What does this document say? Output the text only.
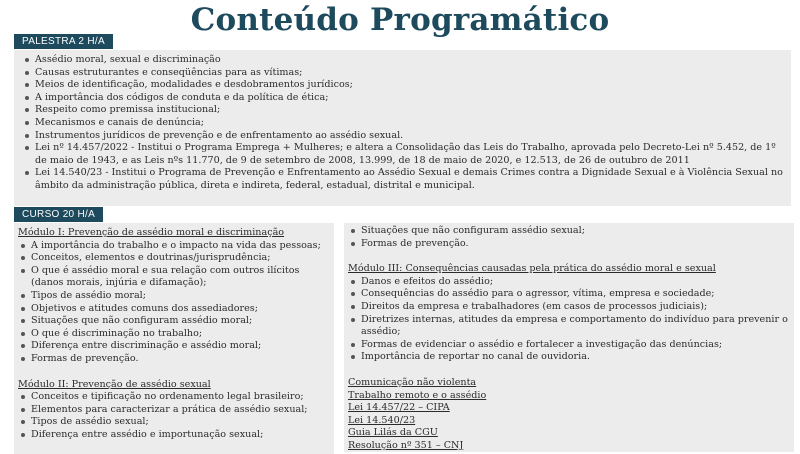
Conteúdo Programático
PALESTRA 2 H/A
Assédio moral, sexual e discriminação
Causas estruturantes e conseqüências para as vítimas;
Meios de identificação, modalidades e desdobramentos jurídicos;
A importância dos códigos de conduta e da política de ética;
Respeito como premissa institucional;
Mecanismos e canais de denúncia;
Instrumentos jurídicos de prevenção e de enfrentamento ao assédio sexual.
Lei nº 14.457/2022 - Institui o Programa Emprega + Mulheres; e altera a Consolidação das Leis do Trabalho, aprovada pelo Decreto-Lei nº 5.452, de 1º de maio de 1943, e as Leis nºs 11.770, de 9 de setembro de 2008, 13.999, de 18 de maio de 2020, e 12.513, de 26 de outubro de 2011
Lei 14.540/23 - Institui o Programa de Prevenção e Enfrentamento ao Assédio Sexual e demais Crimes contra a Dignidade Sexual e à Violência Sexual no âmbito da administração pública, direta e indireta, federal, estadual, distrital e municipal.
CURSO 20 H/A
Módulo I: Prevenção de assédio moral e discriminação
A importância do trabalho e o impacto na vida das pessoas;
Conceitos, elementos e doutrinas/jurisprudência;
O que é assédio moral e sua relação com outros ilícitos (danos morais, injúria e difamação);
Tipos de assédio moral;
Objetivos e atitudes comuns dos assediadores;
Situações que não configuram assédio moral;
O que é discriminação no trabalho;
Diferença entre discriminação e assédio moral;
Formas de prevenção.
Módulo II: Prevenção de assédio sexual
Conceitos e tipificação no ordenamento legal brasileiro;
Elementos para caracterizar a prática de assédio sexual;
Tipos de assédio sexual;
Diferença entre assédio e importunação sexual;
Situações que não configuram assédio sexual;
Formas de prevenção.
Módulo III: Consequências causadas pela prática do assédio moral e sexual
Danos e efeitos do assédio;
Consequências do assédio para o agressor, vítima, empresa e sociedade;
Direitos da empresa e trabalhadores (em casos de processos judiciais);
Diretrizes internas, atitudes da empresa e comportamento do indivíduo para prevenir o assédio;
Formas de evidenciar o assédio e fortalecer a investigação das denúncias;
Importância de reportar no canal de ouvidoria.
Comunicação não violenta
Trabalho remoto e o assédio
Lei 14.457/22 – CIPA
Lei 14.540/23
Guia Lilás da CGU
Resolução nº 351 – CNJ
